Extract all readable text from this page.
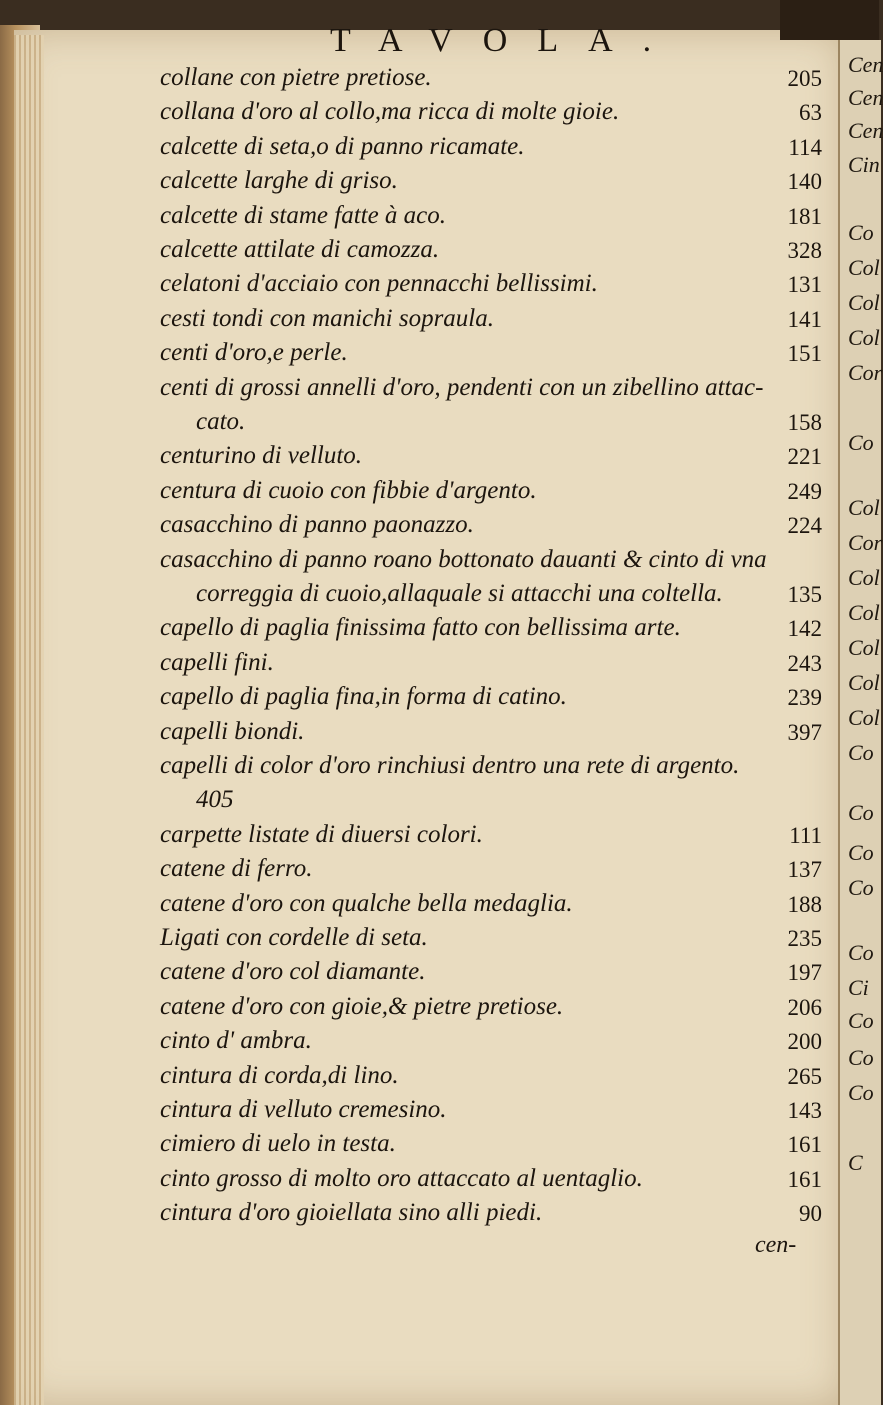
Cen
Cen
Cen
Cin
Co
Col
Col
Col
Cor
Co
Col
Cor
Col
Col
Col
Col
Col
Co
Co
Co
Co
Co
Ci
Co
Co
Co
C
TAVOLA.
collane con pietre pretiose.	205
collana d'oro al collo,ma ricca di molte gioie.	63
calcette di seta,o di panno ricamate.	114
calcette larghe di griso.	140
calcette di stame fatte à aco.	181
calcette attilate di camozza.	328
celatoni d'acciaio con pennacchi bellissimi.	131
cesti tondi con manichi sopraula.	141
centi d'oro,e perle.	151
centi di grossi annelli d'oro, pendenti con un zibellino attac-
cato.	158
centurino di velluto.	221
centura di cuoio con fibbie d'argento.	249
casacchino di panno paonazzo.	224
casacchino di panno roano bottonato dauanti & cinto di vna
correggia di cuoio,allaquale si attacchi una coltella.	135
capello di paglia finissima fatto con bellissima arte.	142
capelli fini.	243
capello di paglia fina,in forma di catino.	239
capelli biondi.	397
capelli di color d'oro rinchiusi dentro una rete di argento.
405
carpette listate di diuersi colori.	111
catene di ferro.	137
catene d'oro con qualche bella medaglia.	188
Ligati con cordelle di seta.	235
catene d'oro col diamante.	197
catene d'oro con gioie,& pietre pretiose.	206
cinto d' ambra.	200
cintura di corda,di lino.	265
cintura di velluto cremesino.	143
cimiero di uelo in testa.	161
cinto grosso di molto oro attaccato al uentaglio.	161
cintura d'oro gioiellata sino alli piedi.	90
cen-
